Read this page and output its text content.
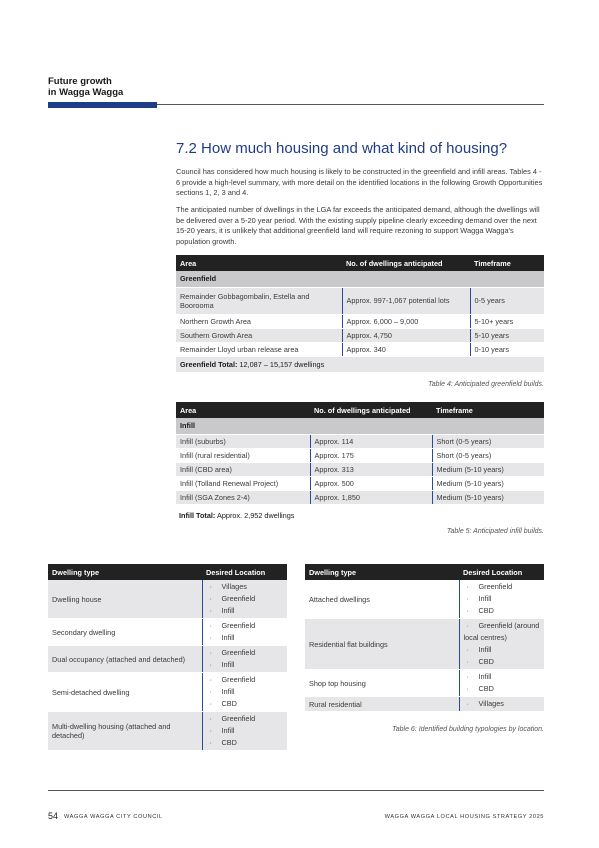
Future growth
in Wagga Wagga
7.2 How much housing and what kind of housing?
Council has considered how much housing is likely to be constructed in the greenfield and infill areas. Tables 4 - 6 provide a high-level summary, with more detail on the identified locations in the following Growth Opportunities sections 1, 2, 3 and 4.
The anticipated number of dwellings in the LGA far exceeds the anticipated demand, although the dwellings will be delivered over a 5-20 year period. With the existing supply pipeline clearly exceeding demand over the next 15-20 years, it is unlikely that additional greenfield land will require rezoning to support Wagga Wagga's population growth.
Area	No. of dwellings anticipated	Timeframe
Greenfield		
Remainder Gobbagombalin, Estella and Boorooma	Approx. 997-1,067 potential lots	0-5 years
Northern Growth Area	Approx. 6,000 – 9,000	5-10+ years
Southern Growth Area	Approx. 4,750	5-10 years
Remainder Lloyd urban release area	Approx. 340	0-10 years
Greenfield Total: 12,087 – 15,157 dwellings		
Table 4: Anticipated greenfield builds.
Area	No. of dwellings anticipated	Timeframe
Infill		
Infill (suburbs)	Approx. 114	Short (0-5 years)
Infill (rural residential)	Approx. 175	Short (0-5 years)
Infill (CBD area)	Approx. 313	Medium (5-10 years)
Infill (Tolland Renewal Project)	Approx. 500	Medium (5-10 years)
Infill (SGA Zones 2-4)	Approx. 1,850	Medium (5-10 years)
Infill Total: Approx. 2,952 dwellings
Table 5: Anticipated infill builds.
Dwelling type	Desired Location
Dwelling house	· Villages
· Greenfield
· Infill

Secondary dwelling	· Greenfield
· Infill

Dual occupancy (attached and detached)	· Greenfield
· Infill

Semi-detached dwelling	· Greenfield
· Infill
· CBD

Multi-dwelling housing (attached and detached)	· Greenfield
· Infill
· CBD
Dwelling type	Desired Location
Attached dwellings	· Greenfield
· Infill
· CBD

Residential flat buildings	· Greenfield (around local centres)
· Infill
· CBD

Shop top housing	· Infill
· CBD

Rural residential	· Villages
Table 6: Identified building typologies by location.
54 WAGGA WAGGA CITY COUNCIL	WAGGA WAGGA LOCAL HOUSING STRATEGY 2025
